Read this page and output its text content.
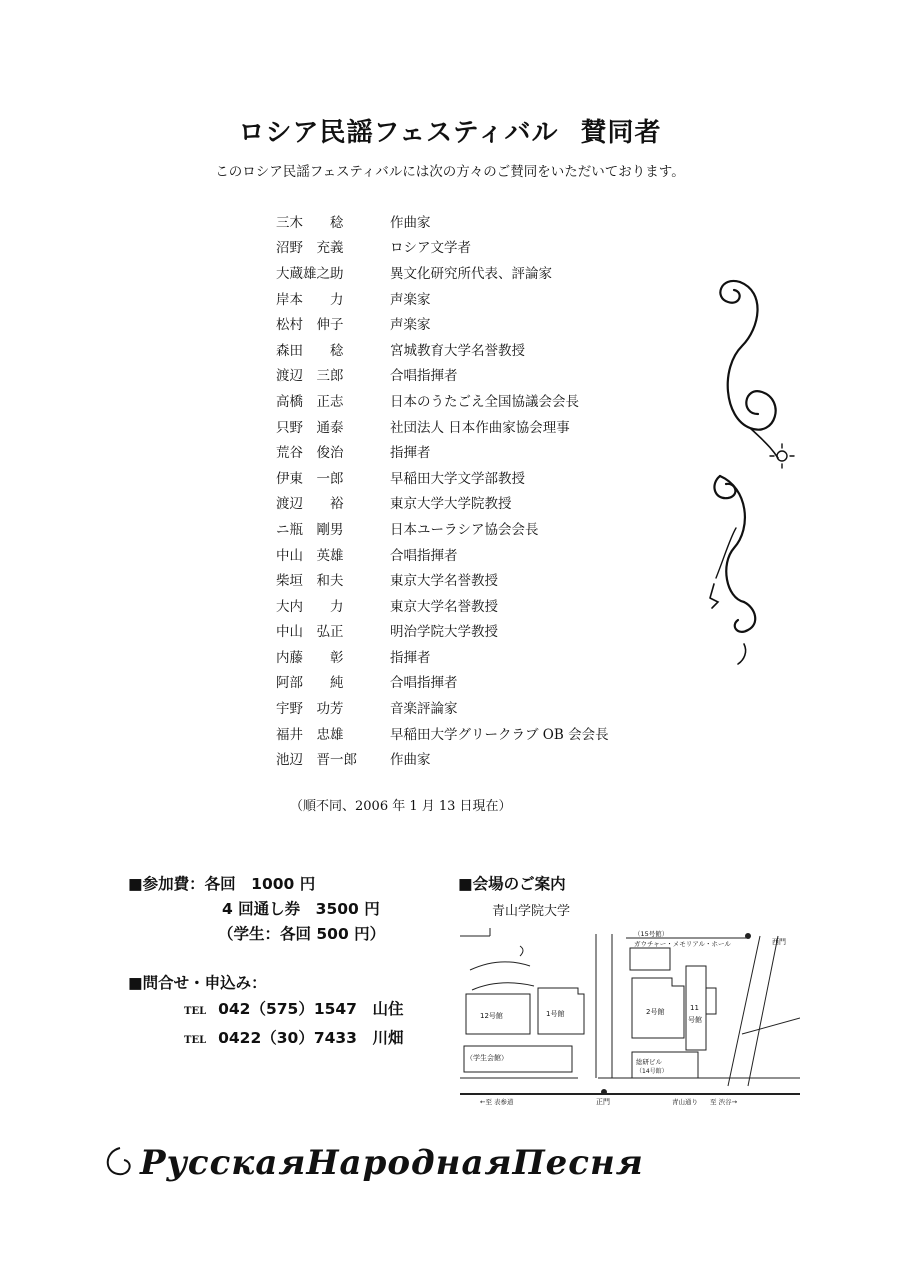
ロシア民謡フェスティバル 賛同者
このロシア民謡フェスティバルには次の方々のご賛同をいただいております。
三木　　稔	作曲家
沼野　充義	ロシア文学者
大蔵雄之助	異文化研究所代表、評論家
岸本　　力	声楽家
松村　伸子	声楽家
森田　　稔	宮城教育大学名誉教授
渡辺　三郎	合唱指揮者
高橋　正志	日本のうたごえ全国協議会会長
只野　通泰	社団法人 日本作曲家協会理事
荒谷　俊治	指揮者
伊東　一郎	早稲田大学文学部教授
渡辺　　裕	東京大学大学院教授
ニ瓶　剛男	日本ユーラシア協会会長
中山　英雄	合唱指揮者
柴垣　和夫	東京大学名誉教授
大内　　力	東京大学名誉教授
中山　弘正	明治学院大学教授
内藤　　彰	指揮者
阿部　　純	合唱指揮者
宇野　功芳	音楽評論家
福井　忠雄	早稲田大学グリークラブ OB 会会長
池辺　晋一郎	作曲家
（順不同、2006 年 1 月 13 日現在）
■参加費：各回　1000 円
4 回通し券　3500 円
（学生：各回 500 円）
■問合せ・申込み：
TEL 042（575）1547　 山住
TEL 0422（30）7433　 川畑
■会場のご案内
青山学院大学
（15号館）
ガウチャー・メモリアル・ホール	西門
12号館	1号館	2号館	11
号館
（学生会館）	総研ビル
（14号館）
←至 表参道	正門	青山通り 至 渋谷→
РусскаяНароднаяПесня
